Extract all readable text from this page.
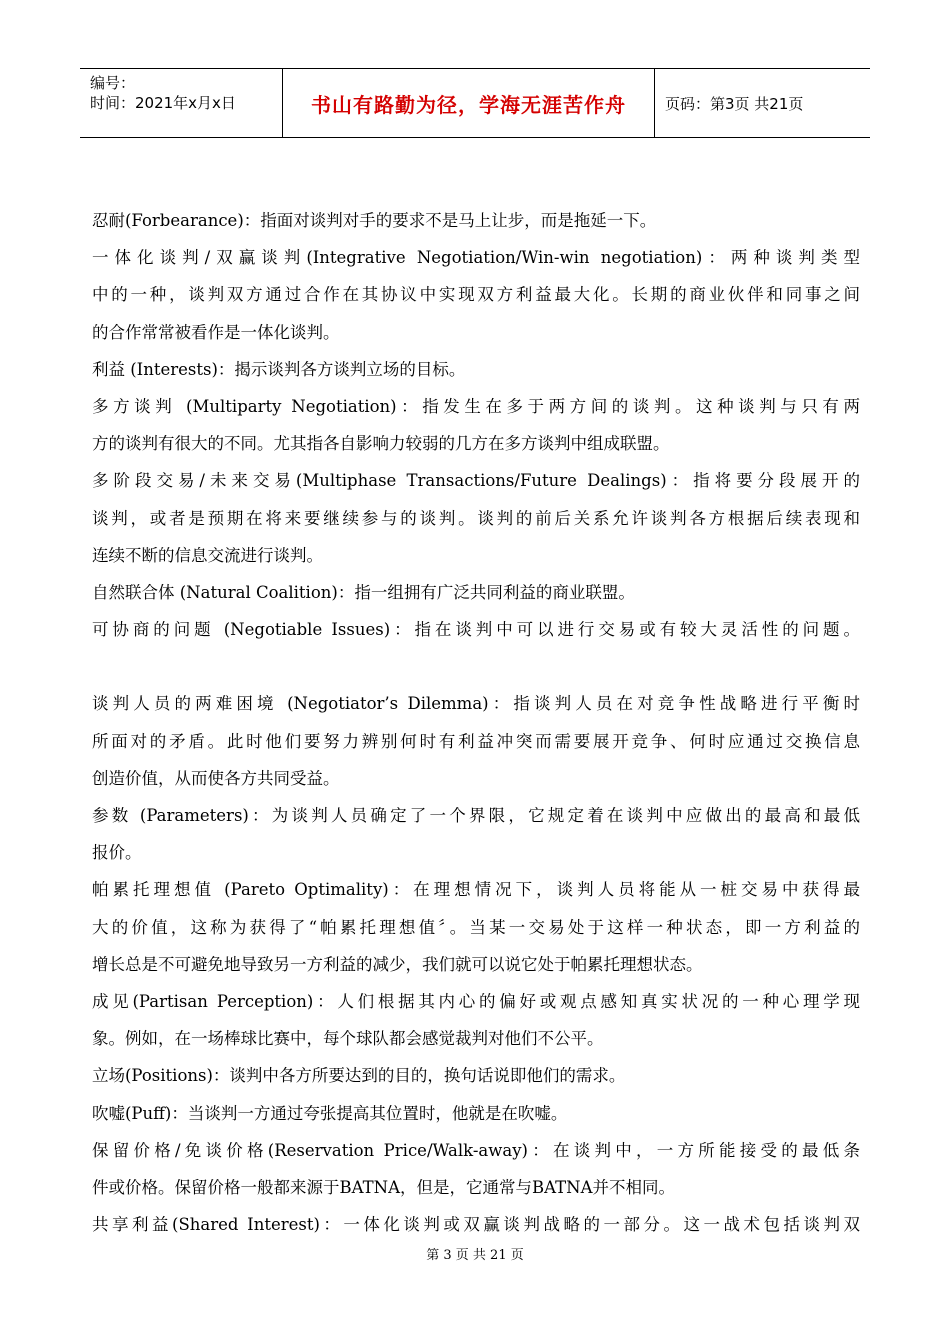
编号：
时间：2021年x月x日	书山有路勤为径，学海无涯苦作舟	页码：第3页 共21页
忍耐(Forbearance)：指面对谈判对手的要求不是马上让步，而是拖延一下。
一体化谈判/双赢谈判(Integrative Negotiation/Win-win negotiation)：两种谈判类型
中的一种，谈判双方通过合作在其协议中实现双方利益最大化。长期的商业伙伴和同事之间
的合作常常被看作是一体化谈判。
利益 (Interests)：揭示谈判各方谈判立场的目标。
多方谈判 (Multiparty Negotiation)：指发生在多于两方间的谈判。这种谈判与只有两
方的谈判有很大的不同。尤其指各自影响力较弱的几方在多方谈判中组成联盟。
多阶段交易/未来交易(Multiphase Transactions/Future Dealings)：指将要分段展开的
谈判，或者是预期在将来要继续参与的谈判。谈判的前后关系允许谈判各方根据后续表现和
连续不断的信息交流进行谈判。
自然联合体 (Natural Coalition)：指一组拥有广泛共同利益的商业联盟。
可协商的问题 (Negotiable Issues)：指在谈判中可以进行交易或有较大灵活性的问题。
谈判人员的两难困境 (Negotiator’s Dilemma)：指谈判人员在对竞争性战略进行平衡时
所面对的矛盾。此时他们要努力辨别何时有利益冲突而需要展开竞争、何时应通过交换信息
创造价值，从而使各方共同受益。
参数 (Parameters)：为谈判人员确定了一个界限，它规定着在谈判中应做出的最高和最低
报价。
帕累托理想值 (Pareto Optimality)：在理想情况下，谈判人员将能从一桩交易中获得最
大的价值，这称为获得了“帕累托理想值〞。当某一交易处于这样一种状态，即一方利益的
增长总是不可避免地导致另一方利益的减少，我们就可以说它处于帕累托理想状态。
成见(Partisan Perception)：人们根据其内心的偏好或观点感知真实状况的一种心理学现
象。例如，在一场棒球比赛中，每个球队都会感觉裁判对他们不公平。
立场(Positions)：谈判中各方所要达到的目的，换句话说即他们的需求。
吹嘘(Puff)：当谈判一方通过夸张提高其位置时，他就是在吹嘘。
保留价格/免谈价格(Reservation Price/Walk-away)：在谈判中，一方所能接受的最低条
件或价格。保留价格一般都来源于BATNA，但是，它通常与BATNA并不相同。
共享利益(Shared Interest)：一体化谈判或双赢谈判战略的一部分。这一战术包括谈判双
第 3 页 共 21 页
